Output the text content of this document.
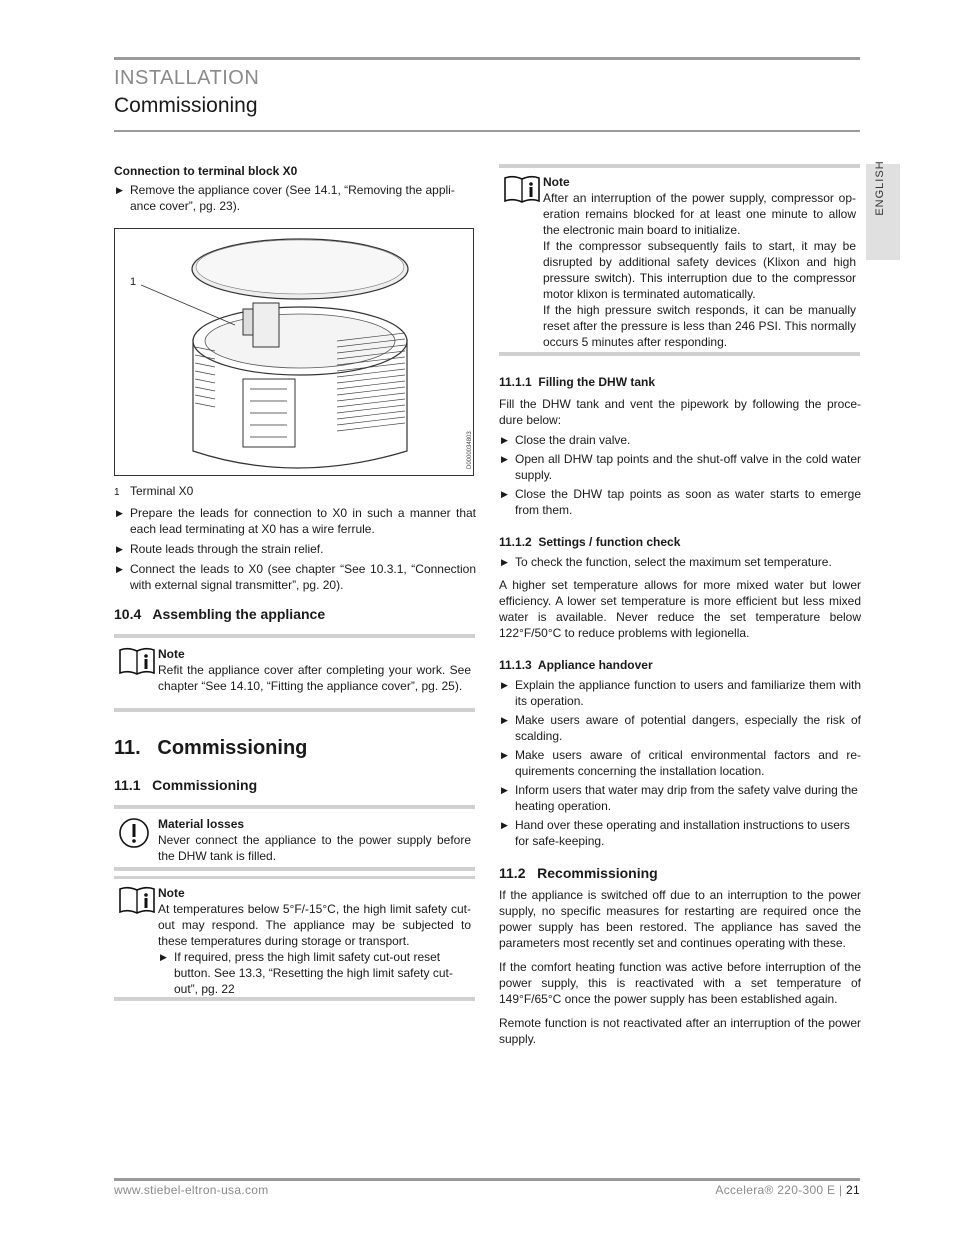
INSTALLATION
Commissioning
ENGLISH
Connection to terminal block X0
▶ Remove the appliance cover (See 14.1, “Removing the appli- ance cover”, pg. 23).
1
D0000034803
1 Terminal X0
▶ Prepare the leads for connection to X0 in such a manner that each lead terminating at X0 has a wire ferrule.
▶ Route leads through the strain relief.
▶ Connect the leads to X0 (see chapter “See 10.3.1, “Connection with external signal transmitter”, pg. 20).
10.4   Assembling the appliance
Note
Refit the appliance cover after completing your work. See chapter “See 14.10, “Fitting the appliance cover”, pg. 25).
11.   Commissioning
11.1   Commissioning
Material losses
Never connect the appliance to the power supply before the DHW tank is filled.
Note
At temperatures below 5°F/-15°C, the high limit safety cut-out may respond. The appliance may be subjected to these temperatures during storage or transport.
▶ If required, press the high limit safety cut-out reset button. See 13.3, “Resetting the high limit safety cut-out”, pg. 22
Note
After an interruption of the power supply, compressor op- eration remains blocked for at least one minute to allow the electronic main board to initialize.
If the compressor subsequently fails to start, it may be disrupted by additional safety devices (Klixon and high pressure switch). This interruption due to the compressor motor klixon is terminated automatically.
If the high pressure switch responds, it can be manually reset after the pressure is less than 246 PSI. This normally occurs 5 minutes after responding.
11.1.1  Filling the DHW tank
Fill the DHW tank and vent the pipework by following the proce- dure below:
▶ Close the drain valve.
▶ Open all DHW tap points and the shut-off valve in the cold water supply.
▶ Close the DHW tap points as soon as water starts to emerge from them.
11.1.2  Settings / function check
▶ To check the function, select the maximum set temperature.
A higher set temperature allows for more mixed water but lower efficiency. A lower set temperature is more efficient but less mixed water is available. Never reduce the set temperature below 122°F/50°C to reduce problems with legionella.
11.1.3  Appliance handover
▶ Explain the appliance function to users and familiarize them with its operation.
▶ Make users aware of potential dangers, especially the risk of scalding.
▶ Make users aware of critical environmental factors and re- quirements concerning the installation location.
▶ Inform users that water may drip from the safety valve during the heating operation.
▶ Hand over these operating and installation instructions to users for safe-keeping.
11.2   Recommissioning
If the appliance is switched off due to an interruption to the power supply, no specific measures for restarting are required once the power supply has been restored. The appliance has saved the parameters most recently set and continues operating with these.
If the comfort heating function was active before interruption of the power supply, this is reactivated with a set temperature of 149°F/65°C once the power supply has been established again.
Remote function is not reactivated after an interruption of the power supply.
www.stiebel-eltron-usa.com	Accelera® 220-300 E | 21
